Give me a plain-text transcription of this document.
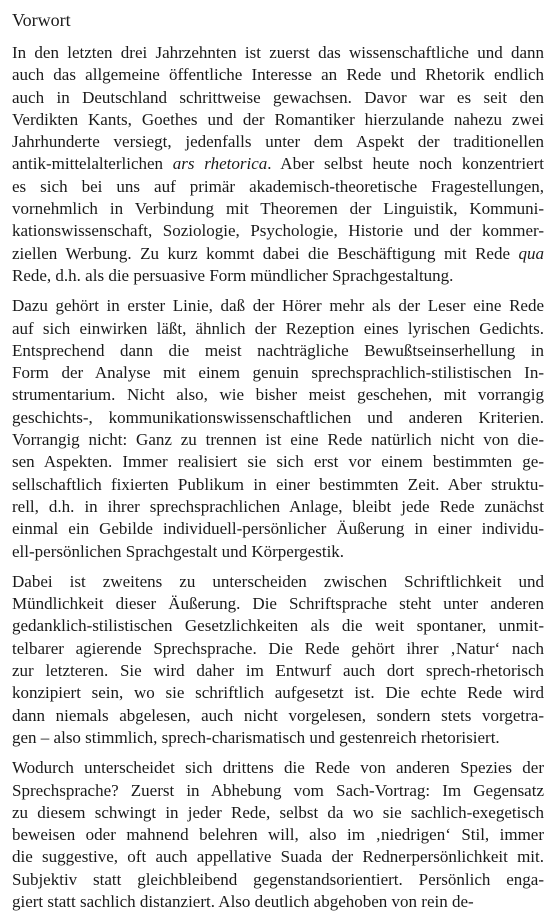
Vorwort
In den letzten drei Jahrzehnten ist zuerst das wissenschaftliche und dann
auch das allgemeine öffentliche Interesse an Rede und Rhetorik endlich
auch in Deutschland schrittweise gewachsen. Davor war es seit den
Verdikten Kants, Goethes und der Romantiker hierzulande nahezu zwei
Jahrhunderte versiegt, jedenfalls unter dem Aspekt der traditionellen
antik-mittelalterlichen ars rhetorica. Aber selbst heute noch konzentriert
es sich bei uns auf primär akademisch-theoretische Fragestellungen,
vornehmlich in Verbindung mit Theoremen der Linguistik, Kommuni-
kationswissenschaft, Soziologie, Psychologie, Historie und der kommer-
ziellen Werbung. Zu kurz kommt dabei die Beschäftigung mit Rede qua
Rede, d.h. als die persuasive Form mündlicher Sprachgestaltung.
Dazu gehört in erster Linie, daß der Hörer mehr als der Leser eine Rede
auf sich einwirken läßt, ähnlich der Rezeption eines lyrischen Gedichts.
Entsprechend dann die meist nachträgliche Bewußtseinserhellung in
Form der Analyse mit einem genuin sprechsprachlich-stilistischen In-
strumentarium. Nicht also, wie bisher meist geschehen, mit vorrangig
geschichts-, kommunikationswissenschaftlichen und anderen Kriterien.
Vorrangig nicht: Ganz zu trennen ist eine Rede natürlich nicht von die-
sen Aspekten. Immer realisiert sie sich erst vor einem bestimmten ge-
sellschaftlich fixierten Publikum in einer bestimmten Zeit. Aber struktu-
rell, d.h. in ihrer sprechsprachlichen Anlage, bleibt jede Rede zunächst
einmal ein Gebilde individuell-persönlicher Äußerung in einer individu-
ell-persönlichen Sprachgestalt und Körpergestik.
Dabei ist zweitens zu unterscheiden zwischen Schriftlichkeit und
Mündlichkeit dieser Äußerung. Die Schriftsprache steht unter anderen
gedanklich-stilistischen Gesetzlichkeiten als die weit spontaner, unmit-
telbarer agierende Sprechsprache. Die Rede gehört ihrer ‚Natur‘ nach
zur letzteren. Sie wird daher im Entwurf auch dort sprech-rhetorisch
konzipiert sein, wo sie schriftlich aufgesetzt ist. Die echte Rede wird
dann niemals abgelesen, auch nicht vorgelesen, sondern stets vorgetra-
gen – also stimmlich, sprech-charismatisch und gestenreich rhetorisiert.
Wodurch unterscheidet sich drittens die Rede von anderen Spezies der
Sprechsprache? Zuerst in Abhebung vom Sach-Vortrag: Im Gegensatz
zu diesem schwingt in jeder Rede, selbst da wo sie sachlich-exegetisch
beweisen oder mahnend belehren will, also im ‚niedrigen‘ Stil, immer
die suggestive, oft auch appellative Suada der Rednerpersönlichkeit mit.
Subjektiv statt gleichbleibend gegenstandsorientiert. Persönlich enga-
giert statt sachlich distanziert. Also deutlich abgehoben von rein de-
